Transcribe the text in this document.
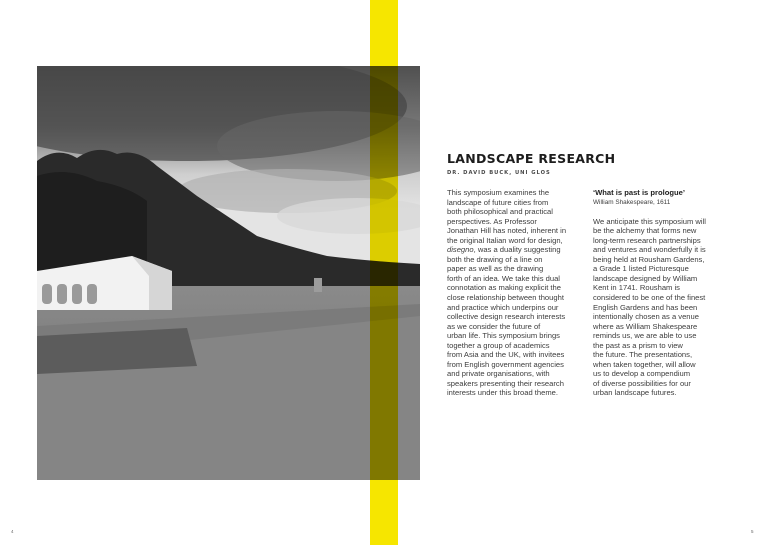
LANDSCAPE RESEARCH
DR. DAVID BUCK, UNI GLOS
This symposium examines the
landscape of future cities from
both philosophical and practical
perspectives. As Professor
Jonathan Hill has noted, inherent in
the original Italian word for design,
disegno, was a duality suggesting
both the drawing of a line on
paper as well as the drawing
forth of an idea. We take this dual
connotation as making explicit the
close relationship between thought
and practice which underpins our
collective design research interests
as we consider the future of
urban life. This symposium brings
together a group of academics
from Asia and the UK, with invitees
from English government agencies
and private organisations, with
speakers presenting their research
interests under this broad theme.
‘What is past is prologue’
William Shakespeare, 1611
We anticipate this symposium will
be the alchemy that forms new
long-term research partnerships
and ventures and wonderfully it is
being held at Rousham Gardens,
a Grade 1 listed Picturesque
landscape designed by William
Kent in 1741. Rousham is
considered to be one of the finest
English Gardens and has been
intentionally chosen as a venue
where as William Shakespeare
reminds us, we are able to use
the past as a prism to view
the future. The presentations,
when taken together, will allow
us to develop a compendium
of diverse possibilities for our
urban landscape futures.
4	5
